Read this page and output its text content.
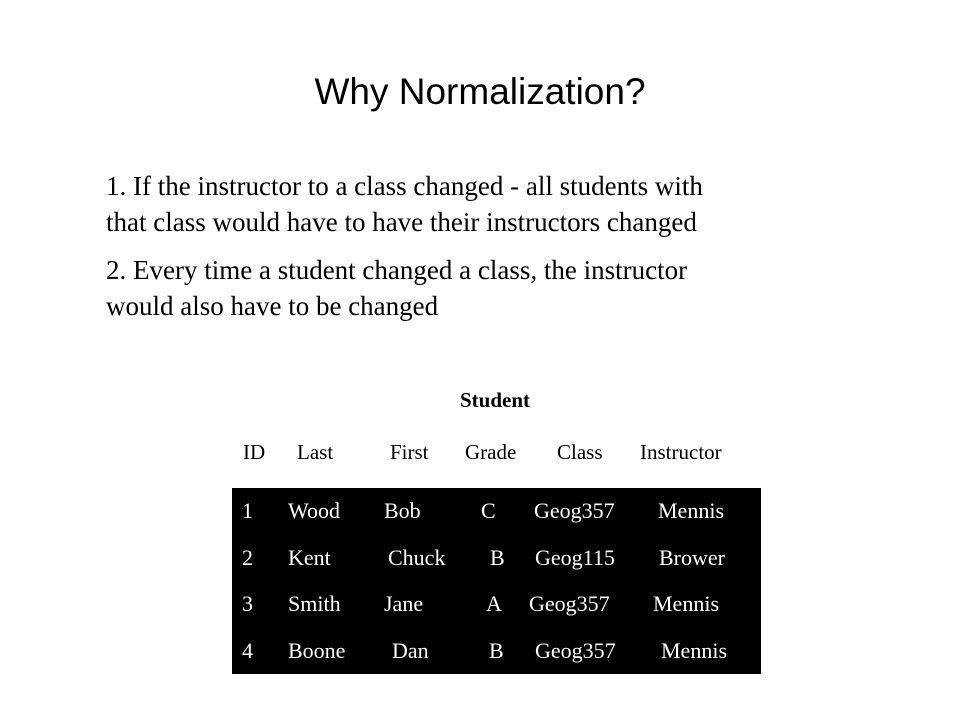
Why Normalization?
1. If the instructor to a class changed - all students with
that class would have to have their instructors changed
2. Every time a student changed a class, the instructor
would also have to be changed
Student
ID Last	First Grade Class Instructor
1 Wood Bob	C Geog357 Mennis
2 Kent	Chuck B Geog115 Brower
3 Smith Jane	A Geog357 Mennis
4 Boone Dan	B Geog357 Mennis
